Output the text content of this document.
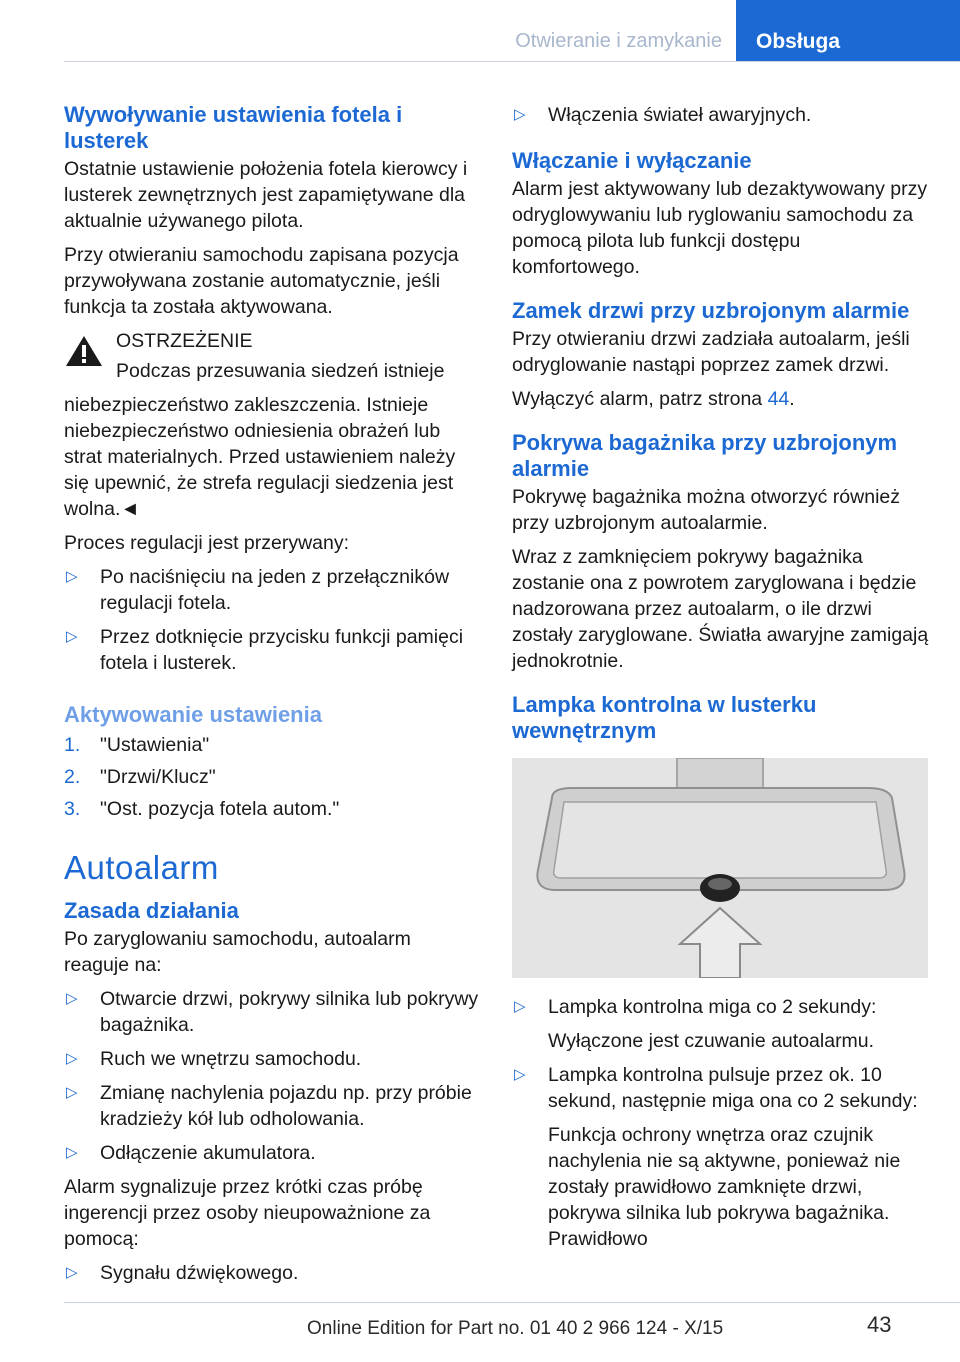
Otwieranie i zamykanie	Obsługa
Wywoływanie ustawienia fotela i lusterek

Ostatnie ustawienie położenia fotela kierowcy i lusterek zewnętrznych jest zapamiętywane dla aktualnie używanego pilota.

Przy otwieraniu samochodu zapisana pozycja przywoływana zostanie automatycznie, jeśli funkcja ta została aktywowana.

OSTRZEŻENIE
Podczas przesuwania siedzeń istnieje
niebezpieczeństwo zakleszczenia. Istnieje niebezpieczeństwo odniesienia obrażeń lub strat materialnych. Przed ustawieniem należy się upewnić, że strefa regulacji siedzenia jest wolna.◄

Proces regulacji jest przerywany:

▷ Po naciśnięciu na jeden z przełączników regulacji fotela.
▷ Przez dotknięcie przycisku funkcji pamięci fotela i lusterek.
Aktywowanie ustawienia
1. "Ustawienia"
2. "Drzwi/Klucz"
3. "Ost. pozycja fotela autom."
Autoalarm
Zasada działania

Po zaryglowaniu samochodu, autoalarm reaguje na:

▷ Otwarcie drzwi, pokrywy silnika lub pokrywy bagażnika.
▷ Ruch we wnętrzu samochodu.
▷ Zmianę nachylenia pojazdu np. przy próbie kradzieży kół lub odholowania.
▷ Odłączenie akumulatora.

Alarm sygnalizuje przez krótki czas próbę ingerencji przez osoby nieupoważnione za pomocą:

▷ Sygnału dźwiękowego.
▷ Włączenia świateł awaryjnych.
Włączanie i wyłączanie

Alarm jest aktywowany lub dezaktywowany przy odryglowywaniu lub ryglowaniu samochodu za pomocą pilota lub funkcji dostępu komfortowego.

Zamek drzwi przy uzbrojonym alarmie

Przy otwieraniu drzwi zadziała autoalarm, jeśli odryglowanie nastąpi poprzez zamek drzwi.

Wyłączyć alarm, patrz strona 44.

Pokrywa bagażnika przy uzbrojonym alarmie

Pokrywę bagażnika można otworzyć również przy uzbrojonym autoalarmie.

Wraz z zamknięciem pokrywy bagażnika zostanie ona z powrotem zaryglowana i będzie nadzorowana przez autoalarm, o ile drzwi zostały zaryglowane. Światła awaryjne zamigają jednokrotnie.

Lampka kontrolna w lusterku wewnętrznym
▷ Lampka kontrolna miga co 2 sekundy:

Wyłączone jest czuwanie autoalarmu.

▷ Lampka kontrolna pulsuje przez ok. 10 sekund, następnie miga ona co 2 sekundy:

Funkcja ochrony wnętrza oraz czujnik nachylenia nie są aktywne, ponieważ nie zostały prawidłowo zamknięte drzwi, pokrywa silnika lub pokrywa bagażnika. Prawidłowo

Online Edition for Part no. 01 40 2 966 124 - X/15	43
